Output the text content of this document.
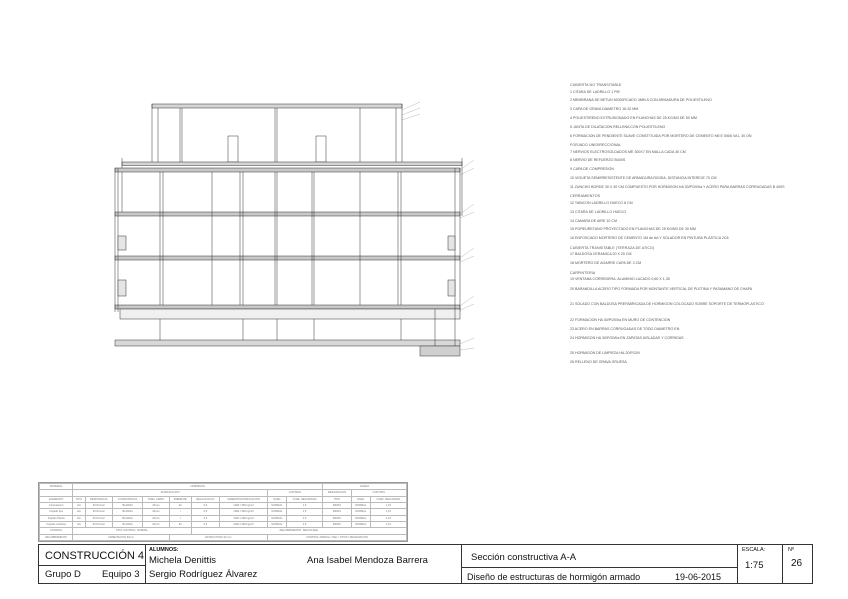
CUBIERTA NO TRANSITABLE
1 CITARA DE LADRILLO 1 PIE
2 MEMBRANA DE BETUN MODIFICADO 4MM A CON ARMADURA DE POLIESTILENO
3 CAPA DE GRAVA DIAMETRO 16-32 MM
4 POLIESTIRENO EXTRUSIONADO EN PLANCHAS DE 25 KG/M3 DE 50 MM
5 JUNTA DE DILATACION RELLENA CON POLIESTILENO
6 FORMACION DE PENDIENTE SUAVE CONSTITUIDA POR MORTERO DE CEMENTO M5 E 5/6/6 VA L 30 ON
FORJADO UNIDIRECCIONAL
7 NERVIOS ELECTROSOLDADOS ME 300X7 EN MALLA CADA 30 CM
8 NERVIO DE REFUERZO B400S
9 CAPA DE COMPRESION
10 VIGUETA SEMIRRESISTENTE DE ARMADURA RIGIDA, DISTANCIA INTEREJE 70 CM
11 ZUNCHO BORDE 30 X 30 CM COMPUESTO POR HORMIGON HA 30/P/20/IIa Y ACERO PARA BARRAS CORRUGADAS B 400S
CERRAMIENTOS
12 TABICON LADRILLO HUECO 8 CM
13 CITARA DE LADRILLO HUECO
14 CAMARA DE AIRE 10 CM
15 POREURETANO PROYECTADO EN PLANCHAS DE 25 KG/M3 DE 30 MM
16 ENFOSCADO MORTERO DE CEMENTO 1M de AA Y SOLADOR EN PINTURA PLASTICA 2C8
CUBIERTA TRANSITABLE (TERRAZA DE ATICO)
17 BALDOSA CERAMICA 20 X 20 CM
18 MORTERO DE AGARRE CAPA DE 3 CM
CARPINTERIA
19 VENTANA CORREDERA. ALUMINIO LACADO 0,60 X 1,35
20 BARANDILLA ACERO TIPO FORMADA POR MONTANTE VERTICAL DE PLETINA Y PASAMANO DE CHAPA
21 SOLADO CON BALDOSA PREFABRICADA DE HORMIGON COLOCADO SOBRE SOPORTE DE TERMOPLASTICO
22 FORMACION HA 30/P/20/IIa EN MURO DE CONTENCION
23 ACERO EN BARRAS CORRUGADAS DE TODO DIAMETRO EN
24 HORMIGON HA 30/P/20/IIa EN ZAPATAS AISLADAS Y CORRIDAS
25 HORMIGON DE LIMPIEZA HA-20/P/20/I
26 RELLENO DE GRAVA GRUESA
MATERIAL	HORMIGON									ACERO		
	DOSIFICACION							CONTROL		DESIGNACION	CONTROL	
ELEMENTO	TIPO	RESISTENCIA	CONSISTENCIA	TAMA. ARIDO	AMBIENTE	RELACION A/C	CEMENTO/DOSIFICACION	NIVEL	COEF. SEGURIDAD	TIPO	NIVEL	COEF. SEGURIDAD
Cimentacion	HA	30 N/mm2	BLANDA	20mm	IIa	0,6	CEM I 350 kg/m3	NORMAL	1,5	B400S	NORMAL	1,15
Forjado tipo	HA	30 N/mm2	BLANDA	20mm	I	0,6	CEM I 300 kg/m3	NORMAL	1,5	B400S	NORMAL	1,15
Forjado Planta	HA	30 N/mm2	BLANDA	20mm	I	0,6	CEM I 300 kg/m3	NORMAL	1,5	B400S	NORMAL	1,15
Forjado Cubierta	HA	30 N/mm2	BLANDA	20mm	IIa	0,6	CEM I 300 kg/m3	NORMAL	1,5	B400S	NORMAL	1,15
CONTROL	TIPO CONTROL: NORMAL					RECUBRIMIENTO: SEGUN EHE						
RECUBRIMIENTO	CIMENTACION 50mm				ESTRUCTURA 30 mm			CONTROL ARIDO/A / S/EL / TIPOS / DESIGNACION				
CONSTRUCCIÓN 4
Grupo D Equipo 3
ALUMNOS:
Michela Denittis
Sergio Rodríguez Álvarez
Ana Isabel Mendoza Barrera	Sección constructiva A-A
Diseño de estructuras de hormigón armado	19-06-2015
ESCALA:
1:75
Nº
26
